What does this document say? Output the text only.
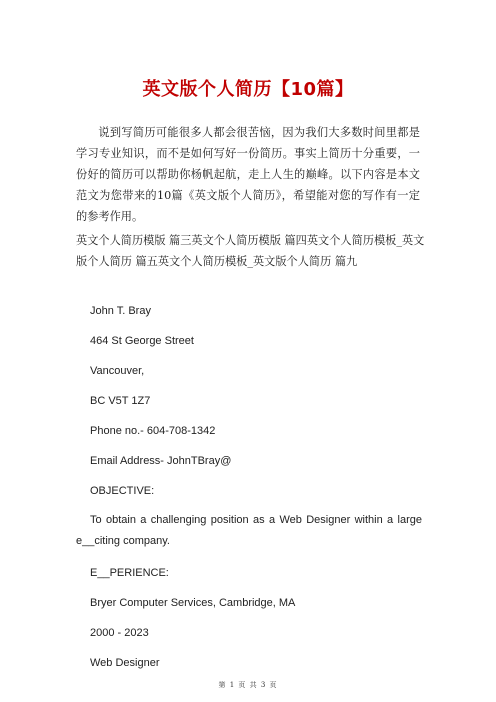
英文版个人简历【10篇】
说到写简历可能很多人都会很苦恼，因为我们大多数时间里都是学习专业知识，而不是如何写好一份简历。事实上简历十分重要，一份好的简历可以帮助你杨帆起航，走上人生的巅峰。以下内容是本文范文为您带来的10篇《英文版个人简历》，希望能对您的写作有一定的参考作用。
英文个人简历模版 篇三英文个人简历模版 篇四英文个人简历模板_英文版个人简历 篇五英文个人简历模板_英文版个人简历 篇九
John T. Bray
464 St George Street
Vancouver,
BC V5T 1Z7
Phone no.- 604-708-1342
Email Address- JohnTBray@
OBJECTIVE:
To obtain a challenging position as a Web Designer within a large e__citing company.
E__PERIENCE:
Bryer Computer Services, Cambridge, MA
2000 - 2023
Web Designer
第 1 页 共 3 页
